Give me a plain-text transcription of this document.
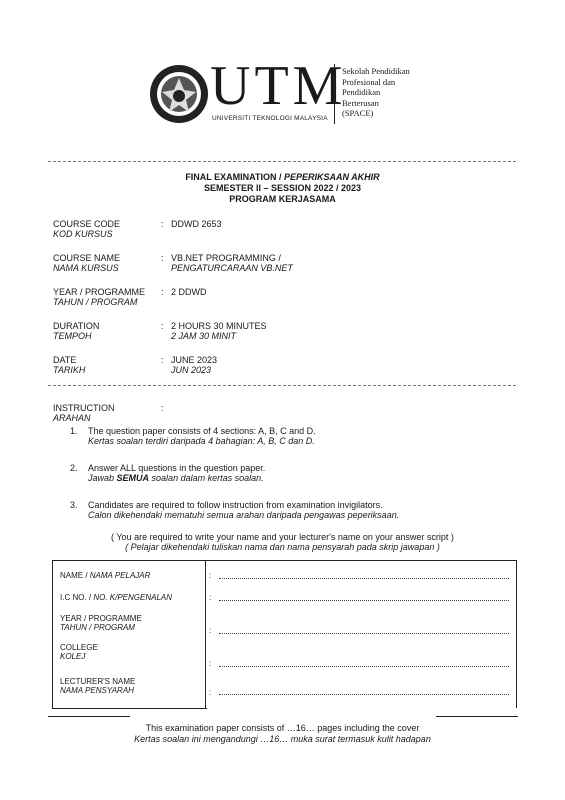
UTM
UNIVERSITI TEKNOLOGI MALAYSIA
Sekolah Pendidikan
Profesional dan
Pendidikan
Berterusan
(SPACE)
FINAL EXAMINATION / PEPERIKSAAN AKHIR
SEMESTER II – SESSION 2022 / 2023
PROGRAM KERJASAMA
COURSE CODE
KOD KURSUS
: DDWD 2653
COURSE NAME
NAMA KURSUS
: VB.NET PROGRAMMING /
PENGATURCARAAN VB.NET
YEAR / PROGRAMME
TAHUN / PROGRAM
: 2 DDWD
DURATION
TEMPOH
: 2 HOURS 30 MINUTES
2 JAM 30 MINIT
DATE
TARIKH
: JUNE 2023
JUN 2023
INSTRUCTION
ARAHAN
:
1. The question paper consists of 4 sections: A, B, C and D.
Kertas soalan terdiri daripada 4 bahagian: A, B, C dan D.
2. Answer ALL questions in the question paper.
Jawab SEMUA soalan dalam kertas soalan.
3. Candidates are required to follow instruction from examination invigilators.
Calon dikehendaki mematuhi semua arahan daripada pengawas peperiksaan.
( You are required to write your name and your lecturer's name on your answer script )
( Pelajar dikehendaki tuliskan nama dan nama pensyarah pada skrip jawapan )
NAME / NAMA PELAJAR	:
I.C NO. / NO. K/PENGENALAN	:
YEAR / PROGRAMME
TAHUN / PROGRAM	:
COLLEGE
KOLEJ
:
LECTURER'S NAME
NAMA PENSYARAH	:
This examination paper consists of …16… pages including the cover
Kertas soalan ini mengandungi …16… muka surat termasuk kulit hadapan
